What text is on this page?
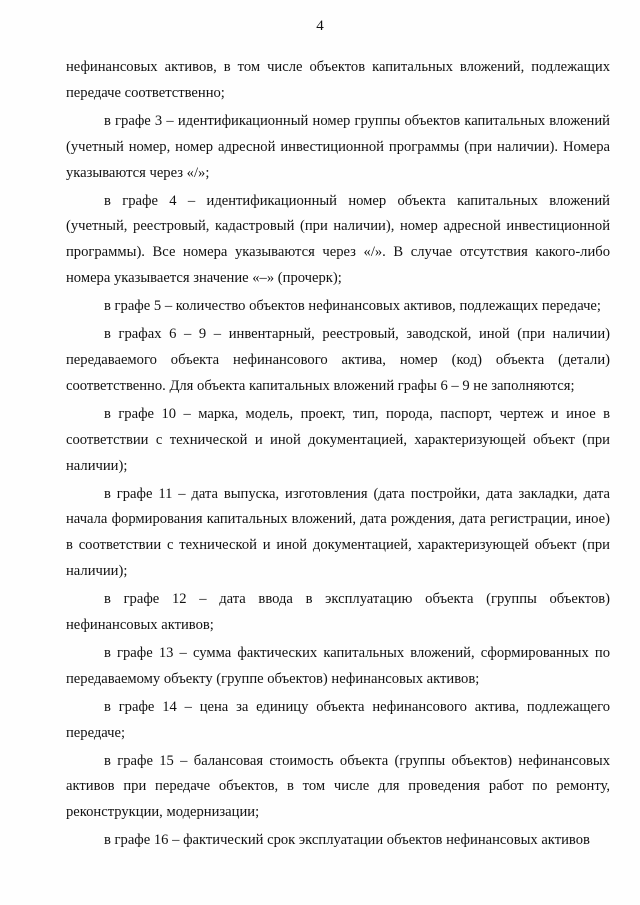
4

нефинансовых активов, в том числе объектов капитальных вложений, подлежащих передаче соответственно;

в графе 3 – идентификационный номер группы объектов капитальных вложений (учетный номер, номер адресной инвестиционной программы (при наличии). Номера указываются через «/»;

в графе 4 – идентификационный номер объекта капитальных вложений (учетный, реестровый, кадастровый (при наличии), номер адресной инвестиционной программы). Все номера указываются через «/». В случае отсутствия какого-либо номера указывается значение «–» (прочерк);

в графе 5 – количество объектов нефинансовых активов, подлежащих передаче;

в графах 6 – 9 – инвентарный, реестровый, заводской, иной (при наличии) передаваемого объекта нефинансового актива, номер (код) объекта (детали) соответственно. Для объекта капитальных вложений графы 6 – 9 не заполняются;

в графе 10 – марка, модель, проект, тип, порода, паспорт, чертеж и иное в соответствии с технической и иной документацией, характеризующей объект (при наличии);

в графе 11 – дата выпуска, изготовления (дата постройки, дата закладки, дата начала формирования капитальных вложений, дата рождения, дата регистрации, иное) в соответствии с технической и иной документацией, характеризующей объект (при наличии);

в графе 12 – дата ввода в эксплуатацию объекта (группы объектов) нефинансовых активов;

в графе 13 – сумма фактических капитальных вложений, сформированных по передаваемому объекту (группе объектов) нефинансовых активов;

в графе 14 – цена за единицу объекта нефинансового актива, подлежащего передаче;

в графе 15 – балансовая стоимость объекта (группы объектов) нефинансовых активов при передаче объектов, в том числе для проведения работ по ремонту, реконструкции, модернизации;

в графе 16 – фактический срок эксплуатации объектов нефинансовых активов
